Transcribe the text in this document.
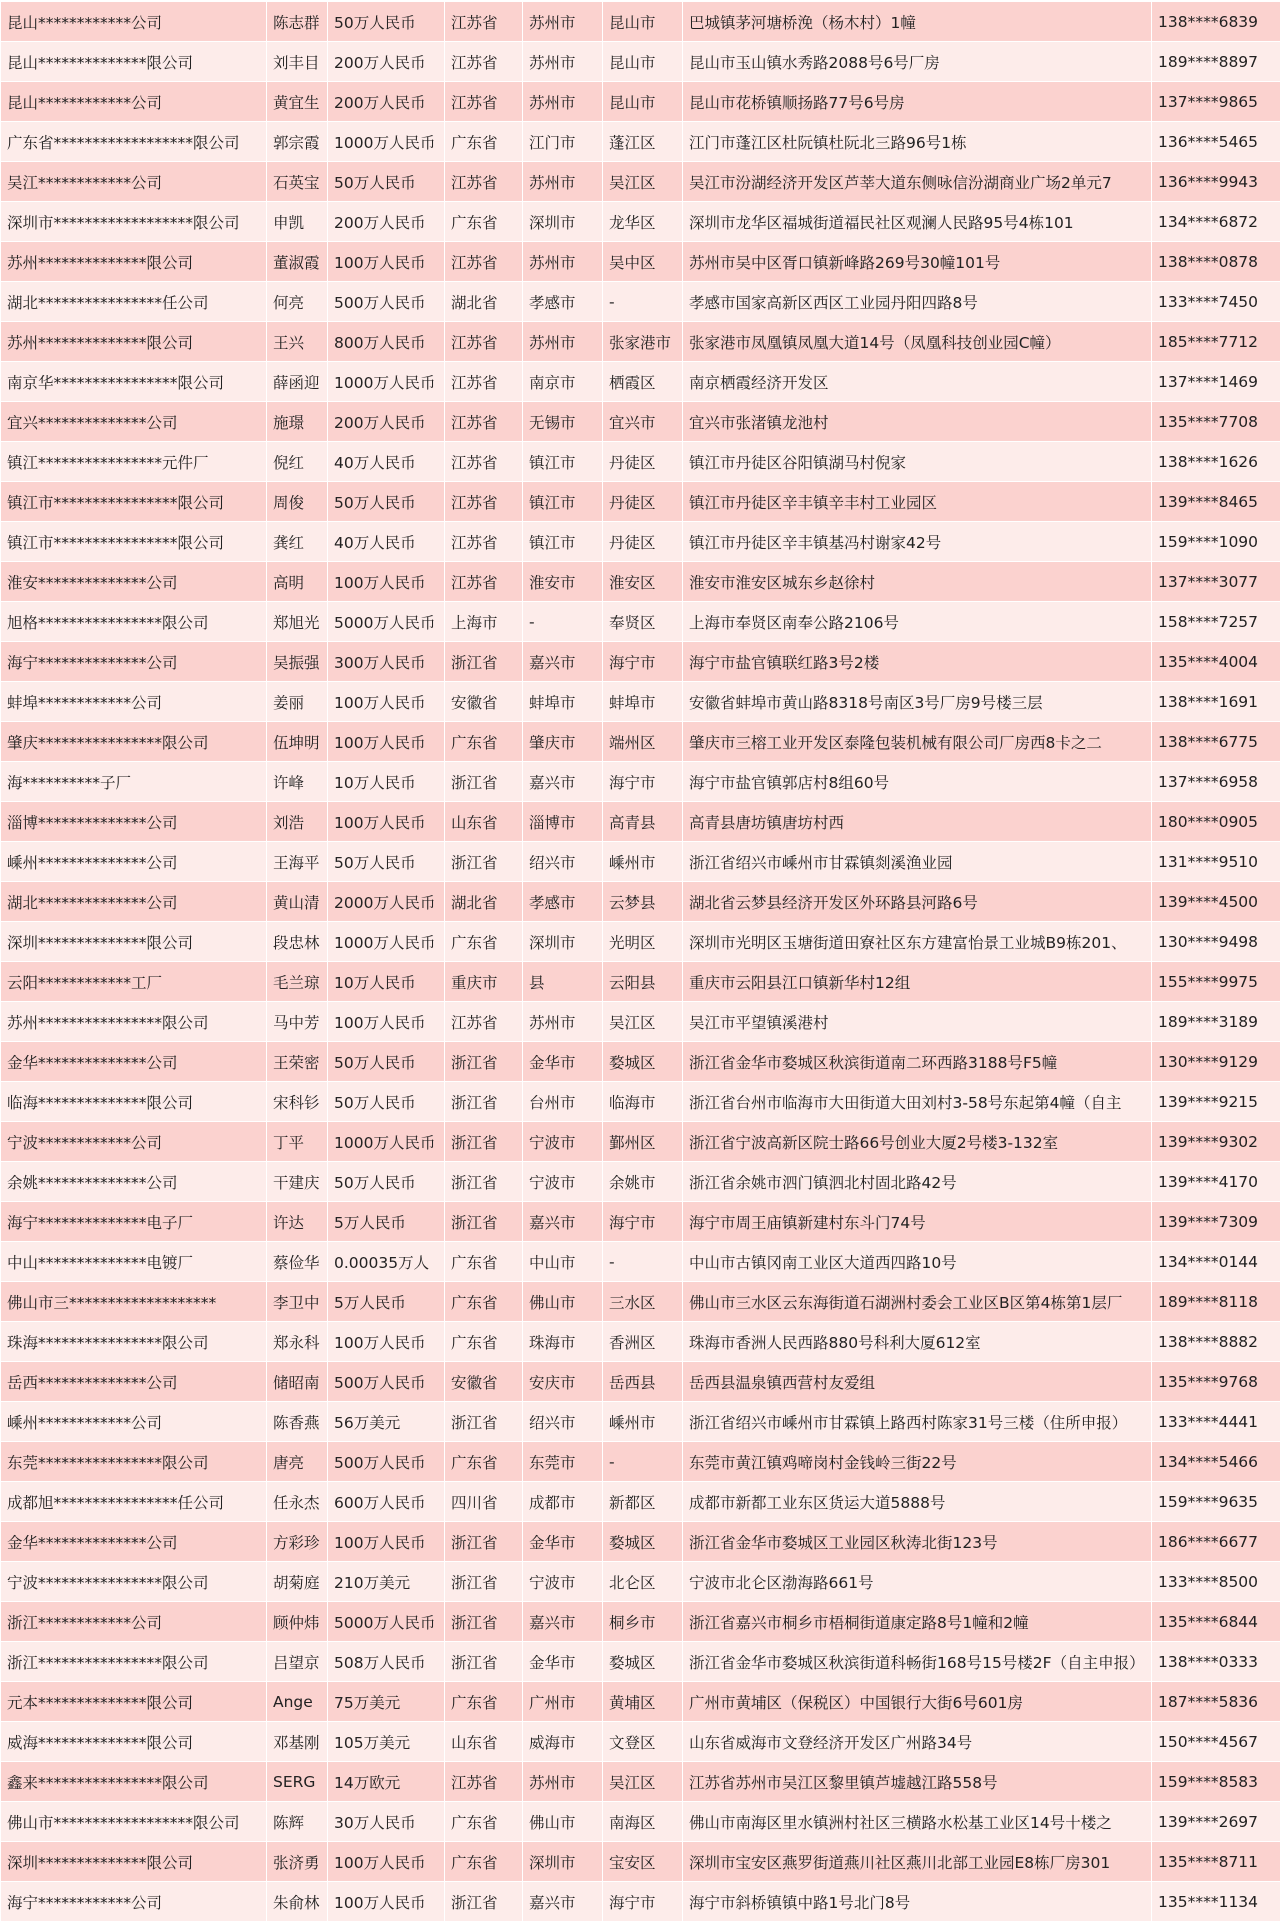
昆山************公司	陈志群	50万人民币	江苏省	苏州市	昆山市	巴城镇茅河塘桥浼（杨木村）1幢	138****6839
昆山**************限公司	刘丰目	200万人民币	江苏省	苏州市	昆山市	昆山市玉山镇水秀路2088号6号厂房	189****8897
昆山************公司	黄宜生	200万人民币	江苏省	苏州市	昆山市	昆山市花桥镇顺扬路77号6号房	137****9865
广东省******************限公司	郭宗霞	1000万人民币	广东省	江门市	蓬江区	江门市蓬江区杜阮镇杜阮北三路96号1栋	136****5465
吴江************公司	石英宝	50万人民币	江苏省	苏州市	吴江区	吴江市汾湖经济开发区芦莘大道东侧咏信汾湖商业广场2单元7	136****9943
深圳市******************限公司	申凯	200万人民币	广东省	深圳市	龙华区	深圳市龙华区福城街道福民社区观澜人民路95号4栋101	134****6872
苏州**************限公司	董淑霞	100万人民币	江苏省	苏州市	吴中区	苏州市吴中区胥口镇新峰路269号30幢101号	138****0878
湖北****************任公司	何亮	500万人民币	湖北省	孝感市	-	孝感市国家高新区西区工业园丹阳四路8号	133****7450
苏州**************限公司	王兴	800万人民币	江苏省	苏州市	张家港市	张家港市凤凰镇凤凰大道14号（凤凰科技创业园C幢）	185****7712
南京华****************限公司	薛函迎	1000万人民币	江苏省	南京市	栖霞区	南京栖霞经济开发区	137****1469
宜兴**************公司	施璟	200万人民币	江苏省	无锡市	宜兴市	宜兴市张渚镇龙池村	135****7708
镇江****************元件厂	倪红	40万人民币	江苏省	镇江市	丹徒区	镇江市丹徒区谷阳镇湖马村倪家	138****1626
镇江市****************限公司	周俊	50万人民币	江苏省	镇江市	丹徒区	镇江市丹徒区辛丰镇辛丰村工业园区	139****8465
镇江市****************限公司	龚红	40万人民币	江苏省	镇江市	丹徒区	镇江市丹徒区辛丰镇基冯村谢家42号	159****1090
淮安**************公司	高明	100万人民币	江苏省	淮安市	淮安区	淮安市淮安区城东乡赵徐村	137****3077
旭格****************限公司	郑旭光	5000万人民币	上海市	-	奉贤区	上海市奉贤区南奉公路2106号	158****7257
海宁**************公司	吴振强	300万人民币	浙江省	嘉兴市	海宁市	海宁市盐官镇联红路3号2楼	135****4004
蚌埠************公司	姜丽	100万人民币	安徽省	蚌埠市	蚌埠市	安徽省蚌埠市黄山路8318号南区3号厂房9号楼三层	138****1691
肇庆****************限公司	伍坤明	100万人民币	广东省	肇庆市	端州区	肇庆市三榕工业开发区泰隆包装机械有限公司厂房西8卡之二	138****6775
海**********子厂	许峰	10万人民币	浙江省	嘉兴市	海宁市	海宁市盐官镇郭店村8组60号	137****6958
淄博**************公司	刘浩	100万人民币	山东省	淄博市	高青县	高青县唐坊镇唐坊村西	180****0905
嵊州**************公司	王海平	50万人民币	浙江省	绍兴市	嵊州市	浙江省绍兴市嵊州市甘霖镇剡溪渔业园	131****9510
湖北**************公司	黄山清	2000万人民币	湖北省	孝感市	云梦县	湖北省云梦县经济开发区外环路县河路6号	139****4500
深圳**************限公司	段忠林	1000万人民币	广东省	深圳市	光明区	深圳市光明区玉塘街道田寮社区东方建富怡景工业城B9栋201、	130****9498
云阳************工厂	毛兰琼	10万人民币	重庆市	县	云阳县	重庆市云阳县江口镇新华村12组	155****9975
苏州****************限公司	马中芳	100万人民币	江苏省	苏州市	吴江区	吴江市平望镇溪港村	189****3189
金华**************公司	王荣密	50万人民币	浙江省	金华市	婺城区	浙江省金华市婺城区秋滨街道南二环西路3188号F5幢	130****9129
临海**************限公司	宋科钐	50万人民币	浙江省	台州市	临海市	浙江省台州市临海市大田街道大田刘村3-58号东起第4幢（自主	139****9215
宁波************公司	丁平	1000万人民币	浙江省	宁波市	鄞州区	浙江省宁波高新区院士路66号创业大厦2号楼3-132室	139****9302
余姚**************公司	干建庆	50万人民币	浙江省	宁波市	余姚市	浙江省余姚市泗门镇泗北村固北路42号	139****4170
海宁**************电子厂	许达	5万人民币	浙江省	嘉兴市	海宁市	海宁市周王庙镇新建村东斗门74号	139****7309
中山**************电镀厂	蔡俭华	0.00035万人	广东省	中山市	-	中山市古镇冈南工业区大道西四路10号	134****0144
佛山市三*******************	李卫中	5万人民币	广东省	佛山市	三水区	佛山市三水区云东海街道石湖洲村委会工业区B区第4栋第1层厂	189****8118
珠海****************限公司	郑永科	100万人民币	广东省	珠海市	香洲区	珠海市香洲人民西路880号科利大厦612室	138****8882
岳西**************公司	储昭南	500万人民币	安徽省	安庆市	岳西县	岳西县温泉镇西营村友爱组	135****9768
嵊州************公司	陈香燕	56万美元	浙江省	绍兴市	嵊州市	浙江省绍兴市嵊州市甘霖镇上路西村陈家31号三楼（住所申报）	133****4441
东莞****************限公司	唐亮	500万人民币	广东省	东莞市	-	东莞市黄江镇鸡啼岗村金钱岭三街22号	134****5466
成都旭****************任公司	任永杰	600万人民币	四川省	成都市	新都区	成都市新都工业东区货运大道5888号	159****9635
金华**************公司	方彩珍	100万人民币	浙江省	金华市	婺城区	浙江省金华市婺城区工业园区秋涛北街123号	186****6677
宁波****************限公司	胡菊庭	210万美元	浙江省	宁波市	北仑区	宁波市北仑区渤海路661号	133****8500
浙江************公司	顾仲炜	5000万人民币	浙江省	嘉兴市	桐乡市	浙江省嘉兴市桐乡市梧桐街道康定路8号1幢和2幢	135****6844
浙江****************限公司	吕望京	508万人民币	浙江省	金华市	婺城区	浙江省金华市婺城区秋滨街道科畅街168号15号楼2F（自主申报）	138****0333
元本**************限公司	Ange	75万美元	广东省	广州市	黄埔区	广州市黄埔区（保税区）中国银行大街6号601房	187****5836
威海**************限公司	邓基刚	105万美元	山东省	威海市	文登区	山东省威海市文登经济开发区广州路34号	150****4567
鑫来****************限公司	SERG	14万欧元	江苏省	苏州市	吴江区	江苏省苏州市吴江区黎里镇芦墟越江路558号	159****8583
佛山市******************限公司	陈辉	30万人民币	广东省	佛山市	南海区	佛山市南海区里水镇洲村社区三横路水松基工业区14号十楼之	139****2697
深圳**************限公司	张济勇	100万人民币	广东省	深圳市	宝安区	深圳市宝安区燕罗街道燕川社区燕川北部工业园E8栋厂房301	135****8711
海宁************公司	朱俞林	100万人民币	浙江省	嘉兴市	海宁市	海宁市斜桥镇镇中路1号北门8号	135****1134
